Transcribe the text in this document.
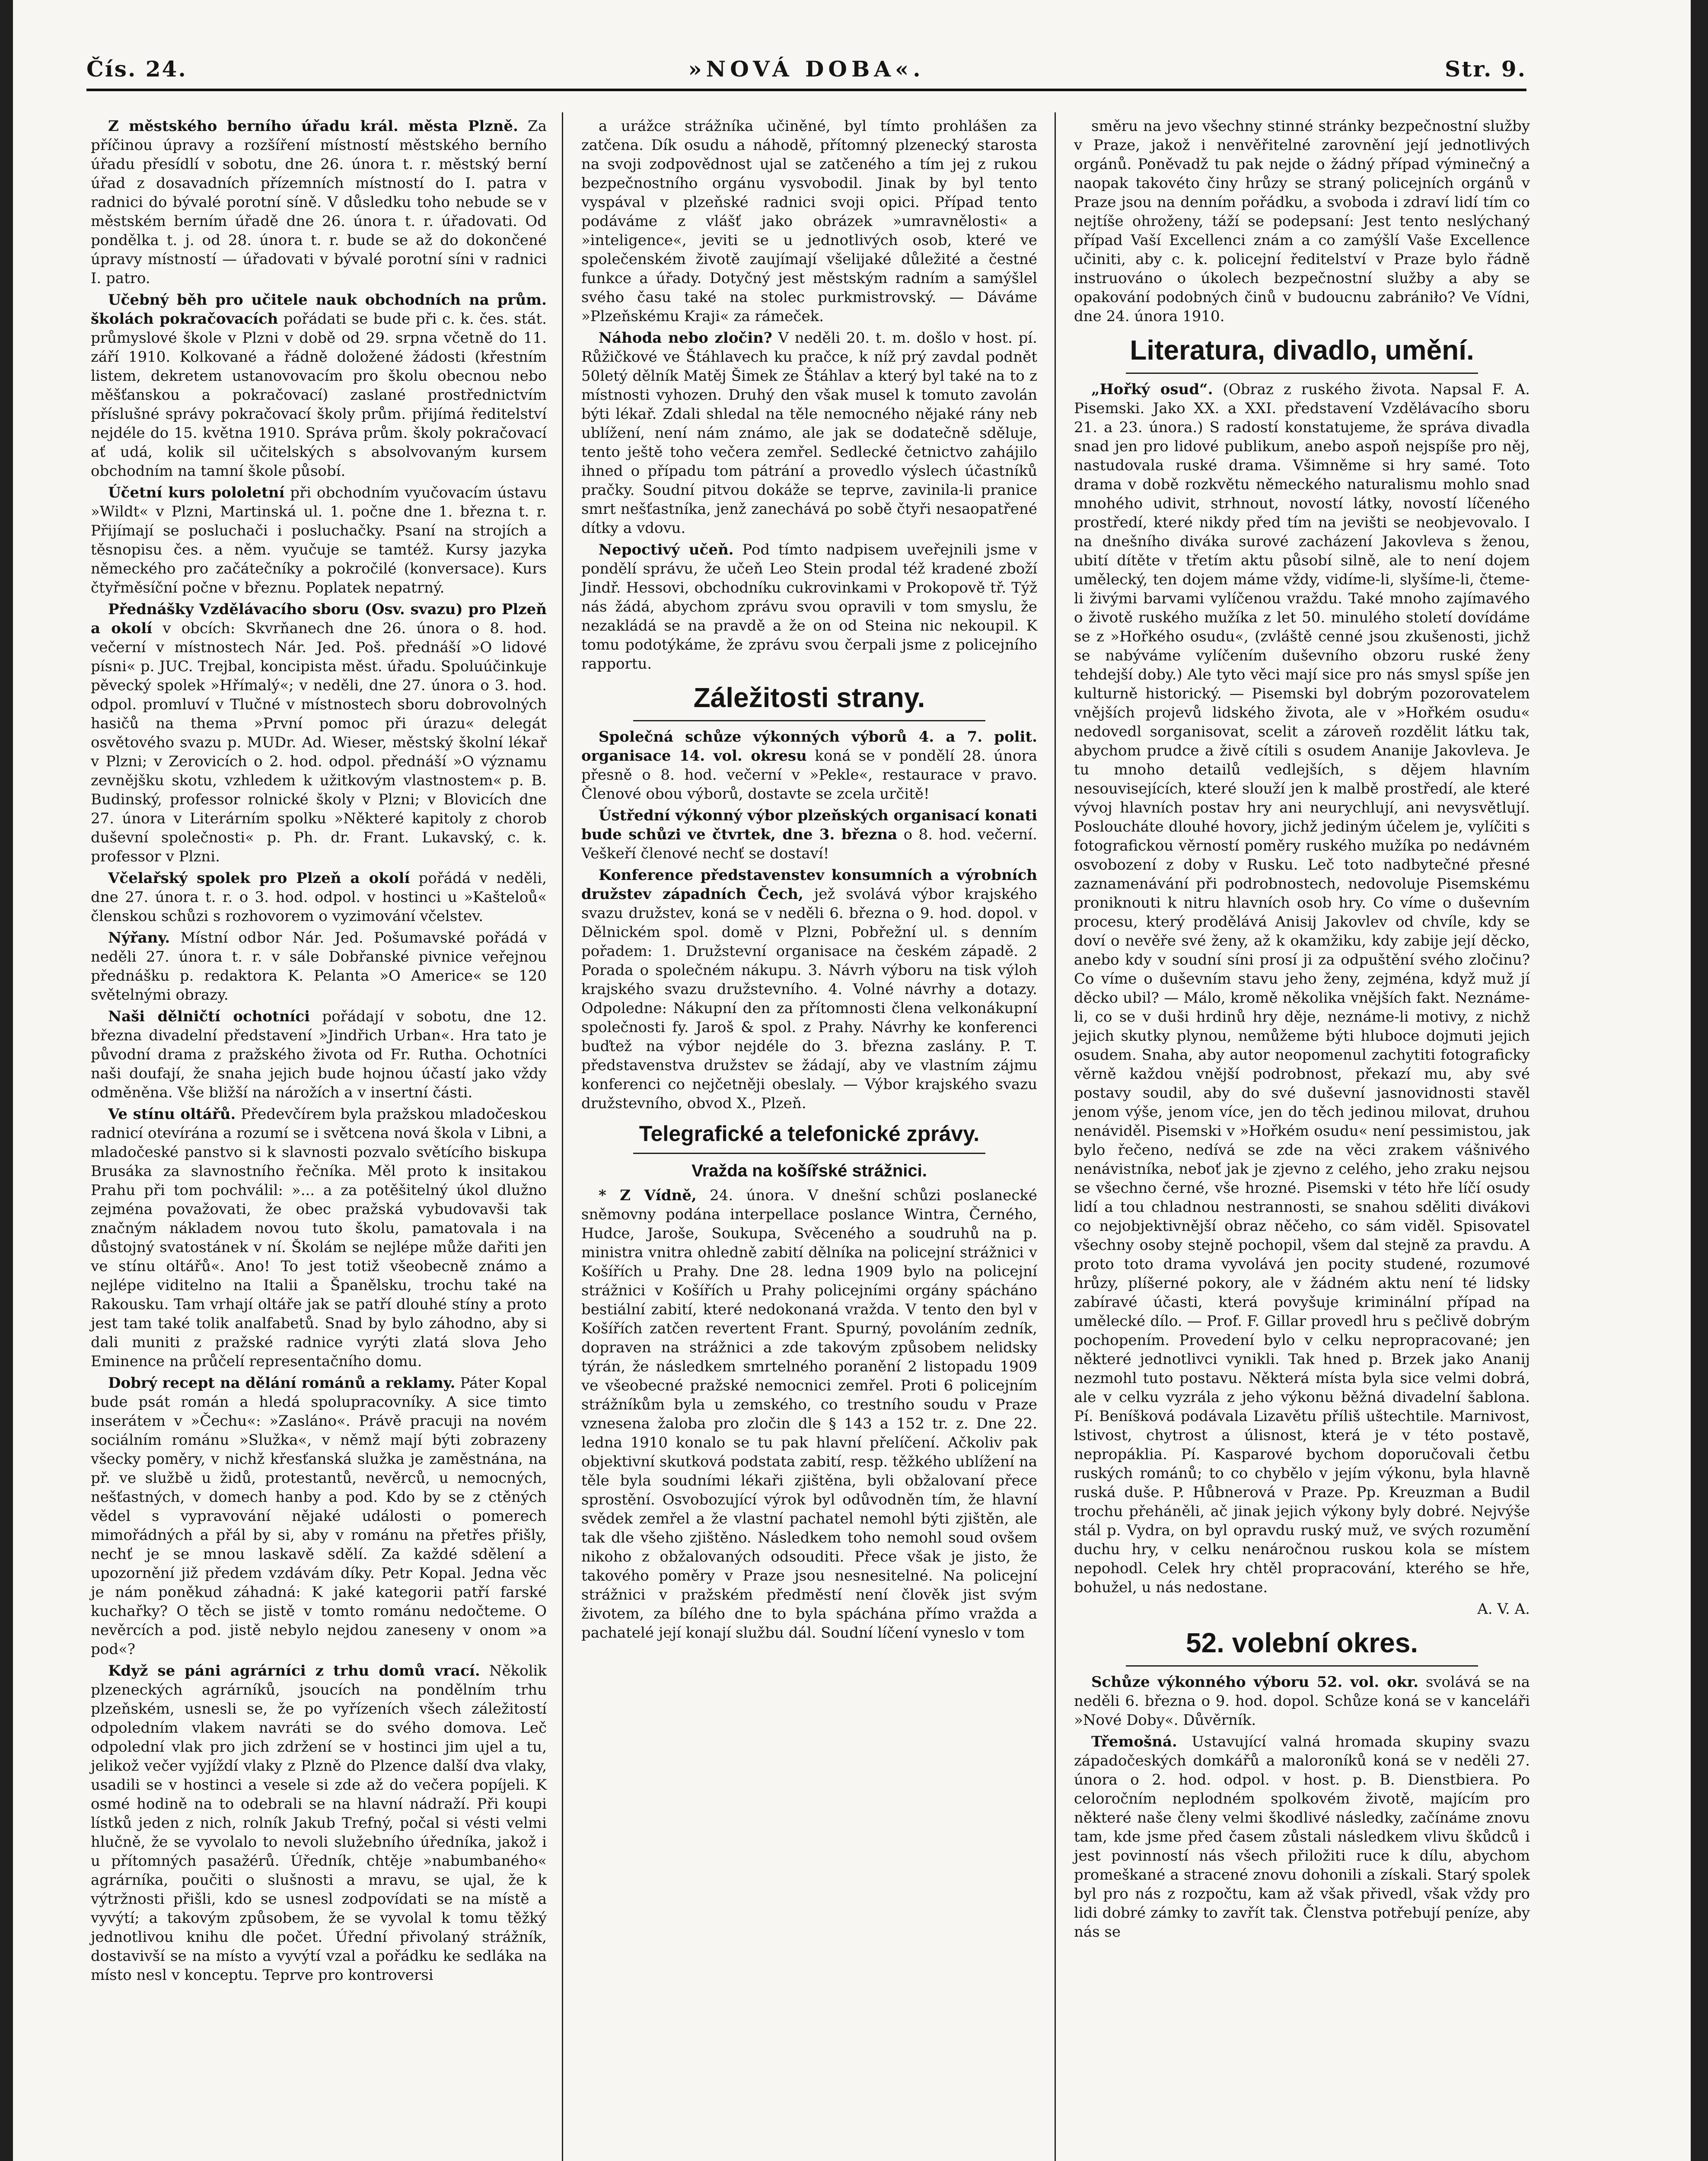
Čís. 24.	»NOVÁ DOBA«.	Str. 9.

Z městského berního úřadu král. města Plzně. Za příčinou úpravy a rozšíření místností městského berního úřadu přesídlí v sobotu, dne 26. února t. r. městský berní úřad z dosavadních přízemních místností do I. patra v radnici do bývalé porotní síně. V důsledku toho nebude se v městském berním úřadě dne 26. února t. r. úřadovati. Od pondělka t. j. od 28. února t. r. bude se až do dokončené úpravy místností — úřadovati v bývalé porotní síni v radnici I. patro.

Učebný běh pro učitele nauk obchodních na prům. školách pokračovacích pořádati se bude při c. k. čes. stát. průmyslové škole v Plzni v době od 29. srpna včetně do 11. září 1910. Kolkované a řádně doložené žádosti (křestním listem, dekretem ustanovovacím pro školu obecnou nebo měšťanskou a pokračovací) zaslané prostřednictvím příslušné správy pokračovací školy prům. přijímá ředitelství nejdéle do 15. května 1910. Správa prům. školy pokračovací ať udá, kolik sil učitelských s absolvovaným kursem obchodním na tamní škole působí.

Účetní kurs pololetní při obchodním vyučovacím ústavu »Wildt« v Plzni, Martinská ul. 1. počne dne 1. března t. r. Přijímají se posluchači i posluchačky. Psaní na strojích a těsnopisu čes. a něm. vyučuje se tamtéž. Kursy jazyka německého pro začátečníky a pokročilé (konversace). Kurs čtyřměsíční počne v březnu. Poplatek nepatrný.

Přednášky Vzdělávacího sboru (Osv. svazu) pro Plzeň a okolí v obcích: Skvrňanech dne 26. února o 8. hod. večerní v místnostech Nár. Jed. Poš. přednáší »O lidové písni« p. JUC. Trejbal, koncipista měst. úřadu. Spoluúčinkuje pěvecký spolek »Hřímalý«; v neděli, dne 27. února o 3. hod. odpol. promluví v Tlučné v místnostech sboru dobrovolných hasičů na thema »První pomoc při úrazu« delegát osvětového svazu p. MUDr. Ad. Wieser, městský školní lékař v Plzni; v Zerovicích o 2. hod. odpol. přednáší »O významu zevnějšku skotu, vzhledem k užitkovým vlastnostem« p. B. Budinský, professor rolnické školy v Plzni; v Blovicích dne 27. února v Literárním spolku »Některé kapitoly z chorob duševní společnosti« p. Ph. dr. Frant. Lukavský, c. k. professor v Plzni.

Včelařský spolek pro Plzeň a okolí pořádá v neděli, dne 27. února t. r. o 3. hod. odpol. v hostinci u »Kašteloů« členskou schůzi s rozhovorem o vyzimování včelstev.

Nýřany. Místní odbor Nár. Jed. Pošumavské pořádá v neděli 27. února t. r. v sále Dobřanské pivnice veřejnou přednášku p. redaktora K. Pelanta »O Americe« se 120 světelnými obrazy.

Naši dělničtí ochotníci pořádají v sobotu, dne 12. března divadelní představení »Jindřich Urban«. Hra tato je původní drama z pražského života od Fr. Rutha. Ochotníci naši doufají, že snaha jejich bude hojnou účastí jako vždy odměněna. Vše bližší na nárožích a v insertní části.

Ve stínu oltářů. Předevčírem byla pražskou mladočeskou radnicí otevírána a rozumí se i světcena nová škola v Libni, a mladočeské panstvo si k slavnosti pozvalo světícího biskupa Brusáka za slavnostního řečníka. Měl proto k insitakou Prahu při tom pochválil: »... a za potěšitelný úkol dlužno zejména považovati, že obec pražská vybudovavši tak značným nákladem novou tuto školu, pamatovala i na důstojný svatostánek v ní. Školám se nejlépe může dařiti jen ve stínu oltářů«. Ano! To jest totiž všeobecně známo a nejlépe viditelno na Italii a Španělsku, trochu také na Rakousku. Tam vrhají oltáře jak se patří dlouhé stíny a proto jest tam také tolik analfabetů. Snad by bylo záhodno, aby si dali muniti z pražské radnice vyrýti zlatá slova Jeho Eminence na průčelí representačního domu.

Dobrý recept na dělání románů a reklamy. Páter Kopal bude psát román a hledá spolupracovníky. A sice timto inserátem v »Čechu«: »Zasláno«. Právě pracuji na novém sociálním románu »Služka«, v němž mají býti zobrazeny všecky poměry, v nichž křesťanská služka je zaměstnána, na př. ve službě u židů, protestantů, nevěrců, u nemocných, nešťastných, v domech hanby a pod. Kdo by se z ctěných vědel s vypravování nějaké události o pomerech mimořádných a přál by si, aby v románu na přetřes přišly, nechť je se mnou laskavě sdělí. Za každé sdělení a upozornění již předem vzdávám díky. Petr Kopal. Jedna věc je nám poněkud záhadná: K jaké kategorii patří farské kuchařky? O těch se jistě v tomto románu nedočteme. O nevěrcích a pod. jistě nebylo nejdou zaneseny v onom »a pod«?

Když se páni agrárníci z trhu domů vrací. Několik plzeneckých agrárníků, jsoucích na pondělním trhu plzeňském, usnesli se, že po vyřízeních všech záležitostí odpoledním vlakem navráti se do svého domova. Leč odpolední vlak pro jich zdržení se v hostinci jim ujel a tu, jelikož večer vyjíždí vlaky z Plzně do Plzence další dva vlaky, usadili se v hostinci a vesele si zde až do večera popíjeli. K osmé hodině na to odebrali se na hlavní nádraží. Při koupi lístků jeden z nich, rolník Jakub Trefný, počal si vésti velmi hlučně, že se vyvolalo to nevoli služebního úředníka, jakož i u přítomných pasažérů. Úředník, chtěje »nabumbaného« agrárníka, poučiti o slušnosti a mravu, se ujal, že k výtržnosti přišli, kdo se usnesl zodpovídati se na místě a vyvýtí; a takovým způsobem, že se vyvolal k tomu těžký jednotlivou knihu dle počet. Úřední přivolaný strážník, dostavivší se na místo a vyvýtí vzal a pořádku ke sedláka na místo nesl v konceptu. Teprve pro kontroversi

a urážce strážníka učiněné, byl tímto prohlášen za zatčena. Dík osudu a náhodě, přítomný plzenecký starosta na svoji zodpovědnost ujal se zatčeného a tím jej z rukou bezpečnostního orgánu vysvobodil. Jinak by byl tento vyspával v plzeňské radnici svoji opici. Případ tento podáváme z vlášť jako obrázek »umravnělosti« a »inteligence«, jeviti se u jednotlivých osob, které ve společenském životě zaujímají všelijaké důležité a čestné funkce a úřady. Dotyčný jest městským radním a samýšlel svého času také na stolec purkmistrovský. — Dáváme »Plzeňskému Kraji« za rámeček.

Náhoda nebo zločin? V neděli 20. t. m. došlo v host. pí. Růžičkové ve Štáhlavech ku pračce, k níž prý zavdal podnět 50letý dělník Matěj Šimek ze Štáhlav a který byl také na to z místnosti vyhozen. Druhý den však musel k tomuto zavolán býti lékař. Zdali shledal na těle nemocného nějaké rány neb ublížení, není nám známo, ale jak se dodatečně sděluje, tento ještě toho večera zemřel. Sedlecké četnictvo zahájilo ihned o případu tom pátrání a provedlo výslech účastníků pračky. Soudní pitvou dokáže se teprve, zavinila-li pranice smrt nešťastníka, jenž zanechává po sobě čtyři nesaopatřené dítky a vdovu.

Nepoctivý učeň. Pod tímto nadpisem uveřejnili jsme v pondělí správu, že učeň Leo Stein prodal též kradené zboží Jindř. Hessovi, obchodníku cukrovinkami v Prokopově tř. Týž nás žádá, abychom zprávu svou opravili v tom smyslu, že nezakládá se na pravdě a že on od Steina nic nekoupil. K tomu podotýkáme, že zprávu svou čerpali jsme z policejního rapportu.

Záležitosti strany.

Společná schůze výkonných výborů 4. a 7. polit. organisace 14. vol. okresu koná se v pondělí 28. února přesně o 8. hod. večerní v »Pekle«, restaurace v pravo. Členové obou výborů, dostavte se zcela určitě!

Ústřední výkonný výbor plzeňských organisací konati bude schůzi ve čtvrtek, dne 3. března o 8. hod. večerní. Veškeří členové nechť se dostaví!

Konference představenstev konsumních a výrobních družstev západních Čech, jež svolává výbor krajského svazu družstev, koná se v neděli 6. března o 9. hod. dopol. v Dělnickém spol. domě v Plzni, Pobřežní ul. s denním pořadem: 1. Družstevní organisace na českém západě. 2 Porada o společném nákupu. 3. Návrh výboru na tisk výloh krajského svazu družstevního. 4. Volné návrhy a dotazy. Odpoledne: Nákupní den za přítomnosti člena velkonákupní společnosti fy. Jaroš & spol. z Prahy. Návrhy ke konferenci buďtež na výbor nejdéle do 3. března zaslány. P. T. představenstva družstev se žádají, aby ve vlastním zájmu konferenci co nejčetněji obeslaly. — Výbor krajského svazu družstevního, obvod X., Plzeň.

Telegrafické a telefonické zprávy.
Vražda na košířské strážnici.

* Z Vídně, 24. února. V dnešní schůzi poslanecké sněmovny podána interpellace poslance Wintra, Černého, Hudce, Jaroše, Soukupa, Svěceného a soudruhů na p. ministra vnitra ohledně zabití dělníka na policejní strážnici v Košířích u Prahy. Dne 28. ledna 1909 bylo na policejní strážnici v Košířích u Prahy policejními orgány spácháno bestiální zabití, které nedokonaná vražda. V tento den byl v Košířích zatčen revertent Frant. Spurný, povoláním zedník, dopraven na strážnici a zde takovým způsobem nelidsky týrán, že následkem smrtelného poranění 2 listopadu 1909 ve všeobecné pražské nemocnici zemřel. Proti 6 policejním strážníkům byla u zemského, co trestního soudu v Praze vznesena žaloba pro zločin dle § 143 a 152 tr. z. Dne 22. ledna 1910 konalo se tu pak hlavní přelíčení. Ačkoliv pak objektivní skutková podstata zabití, resp. těžkého ublížení na těle byla soudními lékaři zjištěna, byli obžalovaní přece sprostění. Osvobozující výrok byl odůvodněn tím, že hlavní svědek zemřel a že vlastní pachatel nemohl býti zjištěn, ale tak dle všeho zjištěno. Následkem toho nemohl soud ovšem nikoho z obžalovaných odsouditi. Přece však je jisto, že takového poměry v Praze jsou nesnesitelné. Na policejní strážnici v pražském předměstí není člověk jist svým životem, za bílého dne to byla spáchána přímo vražda a pachatelé její konají službu dál. Soudní líčení vyneslo v tom

směru na jevo všechny stinné stránky bezpečnostní služby v Praze, jakož i nenvěřitelné zarovnění její jednotlivých orgánů. Poněvadž tu pak nejde o žádný případ výminečný a naopak takovéto činy hrůzy se straný policejních orgánů v Praze jsou na denním pořádku, a svoboda i zdraví lidí tím co nejtíše ohroženy, táží se podepsaní: Jest tento neslýchaný případ Vaší Excellenci znám a co zamýšlí Vaše Excellence učiniti, aby c. k. policejní ředitelství v Praze bylo řádně instruováno o úkolech bezpečnostní služby a aby se opakování podobných činů v budoucnu zabrániło? Ve Vídni, dne 24. února 1910.

Literatura, divadlo, umění.

„Hořký osud“. (Obraz z ruského života. Napsal F. A. Pisemski. Jako XX. a XXI. představení Vzdělávacího sboru 21. a 23. února.) S radostí konstatujeme, že správa divadla snad jen pro lidové publikum, anebo aspoň nejspíše pro něj, nastudovala ruské drama. Všimněme si hry samé. Toto drama v době rozkvětu německého naturalismu mohlo snad mnohého udivit, strhnout, novostí látky, novostí líčeného prostředí, které nikdy před tím na jevišti se neobjevovalo. I na dnešního diváka surové zacházení Jakovleva s ženou, ubití dítěte v třetím aktu působí silně, ale to není dojem umělecký, ten dojem máme vždy, vidíme-li, slyšíme-li, čteme-li živými barvami vylíčenou vraždu. Také mnoho zajímavého o životě ruského mužíka z let 50. minulého století dovídáme se z »Hořkého osudu«, (zvláště cenné jsou zkušenosti, jichž se nabýváme vylíčením duševního obzoru ruské ženy tehdejší doby.) Ale tyto věci mají sice pro nás smysl spíše jen kulturně historický. — Pisemski byl dobrým pozorovatelem vnějších projevů lidského života, ale v »Hořkém osudu« nedovedl sorganisovat, scelit a zároveň rozdělit látku tak, abychom prudce a živě cítili s osudem Ananije Jakovleva. Je tu mnoho detailů vedlejších, s dějem hlavním nesouvisejících, které slouží jen k malbě prostředí, ale které vývoj hlavních postav hry ani neurychlují, ani nevysvětlují. Posloucháte dlouhé hovory, jichž jediným účelem je, vylíčiti s fotografickou věrností poměry ruského mužíka po nedávném osvobození z doby v Rusku. Leč toto nadbytečné přesné zaznamenávání při podrobnostech, nedovoluje Pisemskému proniknouti k nitru hlavních osob hry. Co víme o duševním procesu, který prodělává Anisij Jakovlev od chvíle, kdy se doví o nevěře své ženy, až k okamžiku, kdy zabije její děcko, anebo kdy v soudní síni prosí ji za odpuštění svého zločinu? Co víme o duševním stavu jeho ženy, zejména, když muž jí děcko ubil? — Málo, kromě několika vnějších fakt. Neznáme-li, co se v duši hrdinů hry děje, neznáme-li motivy, z nichž jejich skutky plynou, nemůžeme býti hluboce dojmuti jejich osudem. Snaha, aby autor neopomenul zachytiti fotograficky věrně každou vnější podrobnost, překazí mu, aby své postavy soudil, aby do své duševní jasnovidnosti stavěl jenom výše, jenom více, jen do těch jedinou milovat, druhou nenáviděl. Pisemski v »Hořkém osudu« není pessimistou, jak bylo řečeno, nedívá se zde na věci zrakem vášnivého nenávistníka, neboť jak je zjevno z celého, jeho zraku nejsou se všechno černé, vše hrozné. Pisemski v této hře líčí osudy lidí a tou chladnou nestrannosti, se snahou sděliti divákovi co nejobjektivnější obraz něčeho, co sám viděl. Spisovatel všechny osoby stejně pochopil, všem dal stejně za pravdu. A proto toto drama vyvolává jen pocity studené, rozumové hrůzy, plíšerné pokory, ale v žádném aktu není té lidsky zabíravé účasti, která povyšuje kriminální případ na umělecké dílo. — Prof. F. Gillar provedl hru s pečlivě dobrým pochopením. Provedení bylo v celku nepropracované; jen některé jednotlivci vynikli. Tak hned p. Brzek jako Ananij nezmohl tuto postavu. Některá místa byla sice velmi dobrá, ale v celku vyzrála z jeho výkonu běžná divadelní šablona. Pí. Beníšková podávala Lizavětu příliš uštechtile. Marnivost, lstivost, chytrost a úlisnost, která je v této postavě, nepropáklia. Pí. Kasparové bychom doporučovali četbu ruských románů; to co chybělo v jejím výkonu, byla hlavně ruská duše. P. Hůbnerová v Praze. Pp. Kreuzman a Budil trochu přeháněli, ač jinak jejich výkony byly dobré. Nejvýše stál p. Vydra, on byl opravdu ruský muž, ve svých rozumění duchu hry, v celku nenáročnou ruskou kola se místem nepohodl. Celek hry chtěl propracování, kterého se hře, bohužel, u nás nedostane.

A. V. A.

52. volební okres.

Schůze výkonného výboru 52. vol. okr. svolává se na neděli 6. března o 9. hod. dopol. Schůze koná se v kanceláři »Nové Doby«. Důvěrník.

Třemošná. Ustavující valná hromada skupiny svazu západočeských domkářů a maloroníků koná se v neděli 27. února o 2. hod. odpol. v host. p. B. Dienstbiera. Po celoročním neplodném spolkovém životě, majícím pro některé naše členy velmi škodlivé následky, začínáme znovu tam, kde jsme před časem zůstali následkem vlivu škůdců i jest povinností nás všech přiložiti ruce k dílu, abychom promeškané a stracené znovu dohonili a získali. Starý spolek byl pro nás z rozpočtu, kam až však přivedl, však vždy pro lidi dobré zámky to zavřít tak. Členstva potřebují peníze, aby nás se
